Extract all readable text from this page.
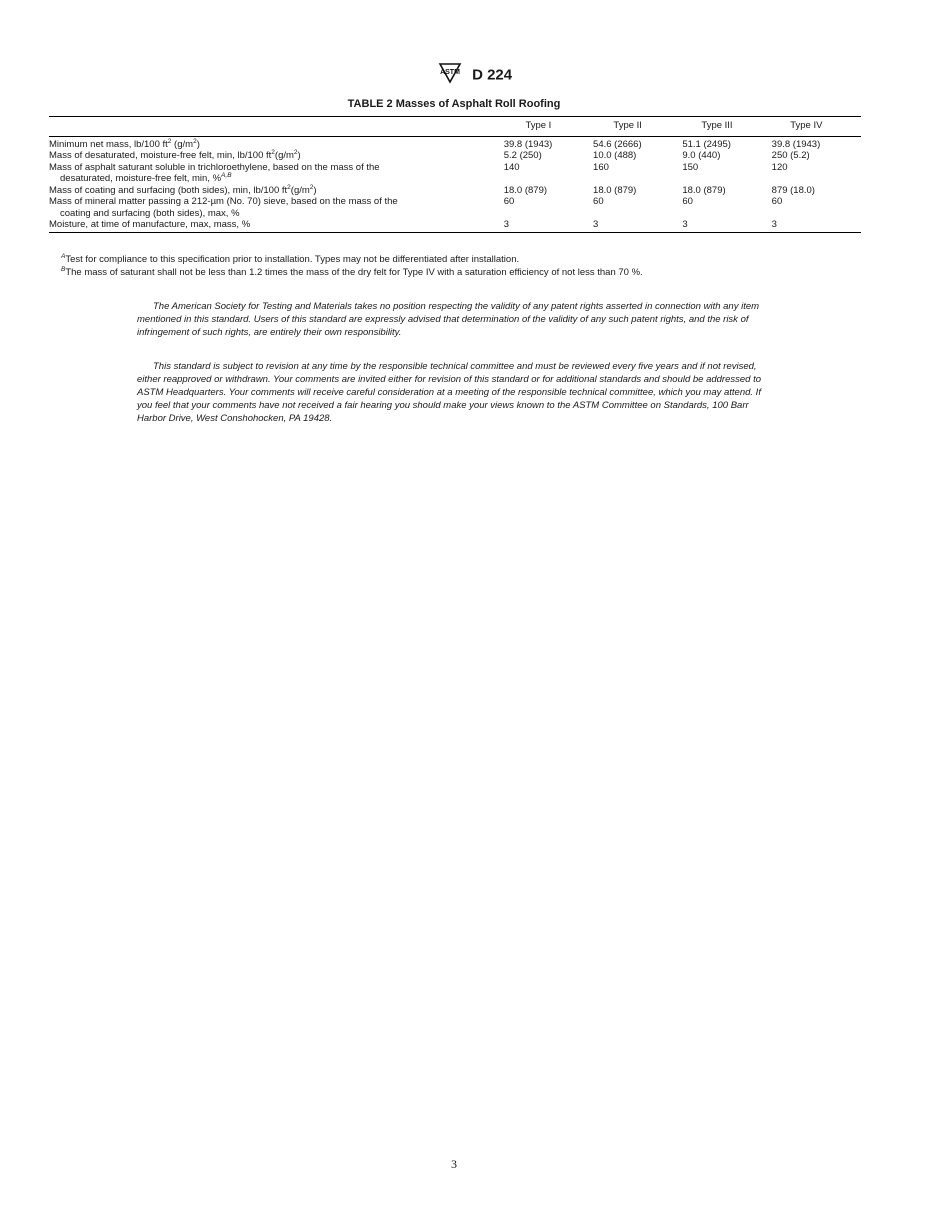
ASTM D 224
TABLE 2 Masses of Asphalt Roll Roofing

	Type I	Type II	Type III	Type IV

Minimum net mass, lb/100 $ft^2$ $(g/m^2)$	39.8 (1943)	54.6 (2666)	51.1 (2495)	39.8 (1943)
Mass of desaturated, moisture-free felt, min, lb/100 $ft^2(g/m^2)$	5.2 (250)	10.0 (488)	9.0 (440)	250 (5.2)
Mass of asphalt saturant soluble in trichloroethylene, based on the mass of the
desaturated, moisture-free felt, min, %$^{A,B}$	140	160	150	120
Mass of coating and surfacing (both sides), min, lb/100 $ft^2(g/m^2)$	18.0 (879)	18.0 (879)	18.0 (879)	879 (18.0)
Mass of mineral matter passing a 212-µm (No. 70) sieve, based on the mass of the
coating and surfacing (both sides), max, %	60	60	60	60
Moisture, at time of manufacture, max, mass, %	3	3	3	3
$^A$Test for compliance to this specification prior to installation. Types may not be differentiated after installation.
$^B$The mass of saturant shall not be less than 1.2 times the mass of the dry felt for Type IV with a saturation efficiency of not less than 70 %.

The American Society for Testing and Materials takes no position respecting the validity of any patent rights asserted in connection with any item mentioned in this standard. Users of this standard are expressly advised that determination of the validity of any such patent rights, and the risk of infringement of such rights, are entirely their own responsibility.

This standard is subject to revision at any time by the responsible technical committee and must be reviewed every five years and if not revised, either reapproved or withdrawn. Your comments are invited either for revision of this standard or for additional standards and should be addressed to ASTM Headquarters. Your comments will receive careful consideration at a meeting of the responsible technical committee, which you may attend. If you feel that your comments have not received a fair hearing you should make your views known to the ASTM Committee on Standards, 100 Barr Harbor Drive, West Conshohocken, PA 19428.

3
